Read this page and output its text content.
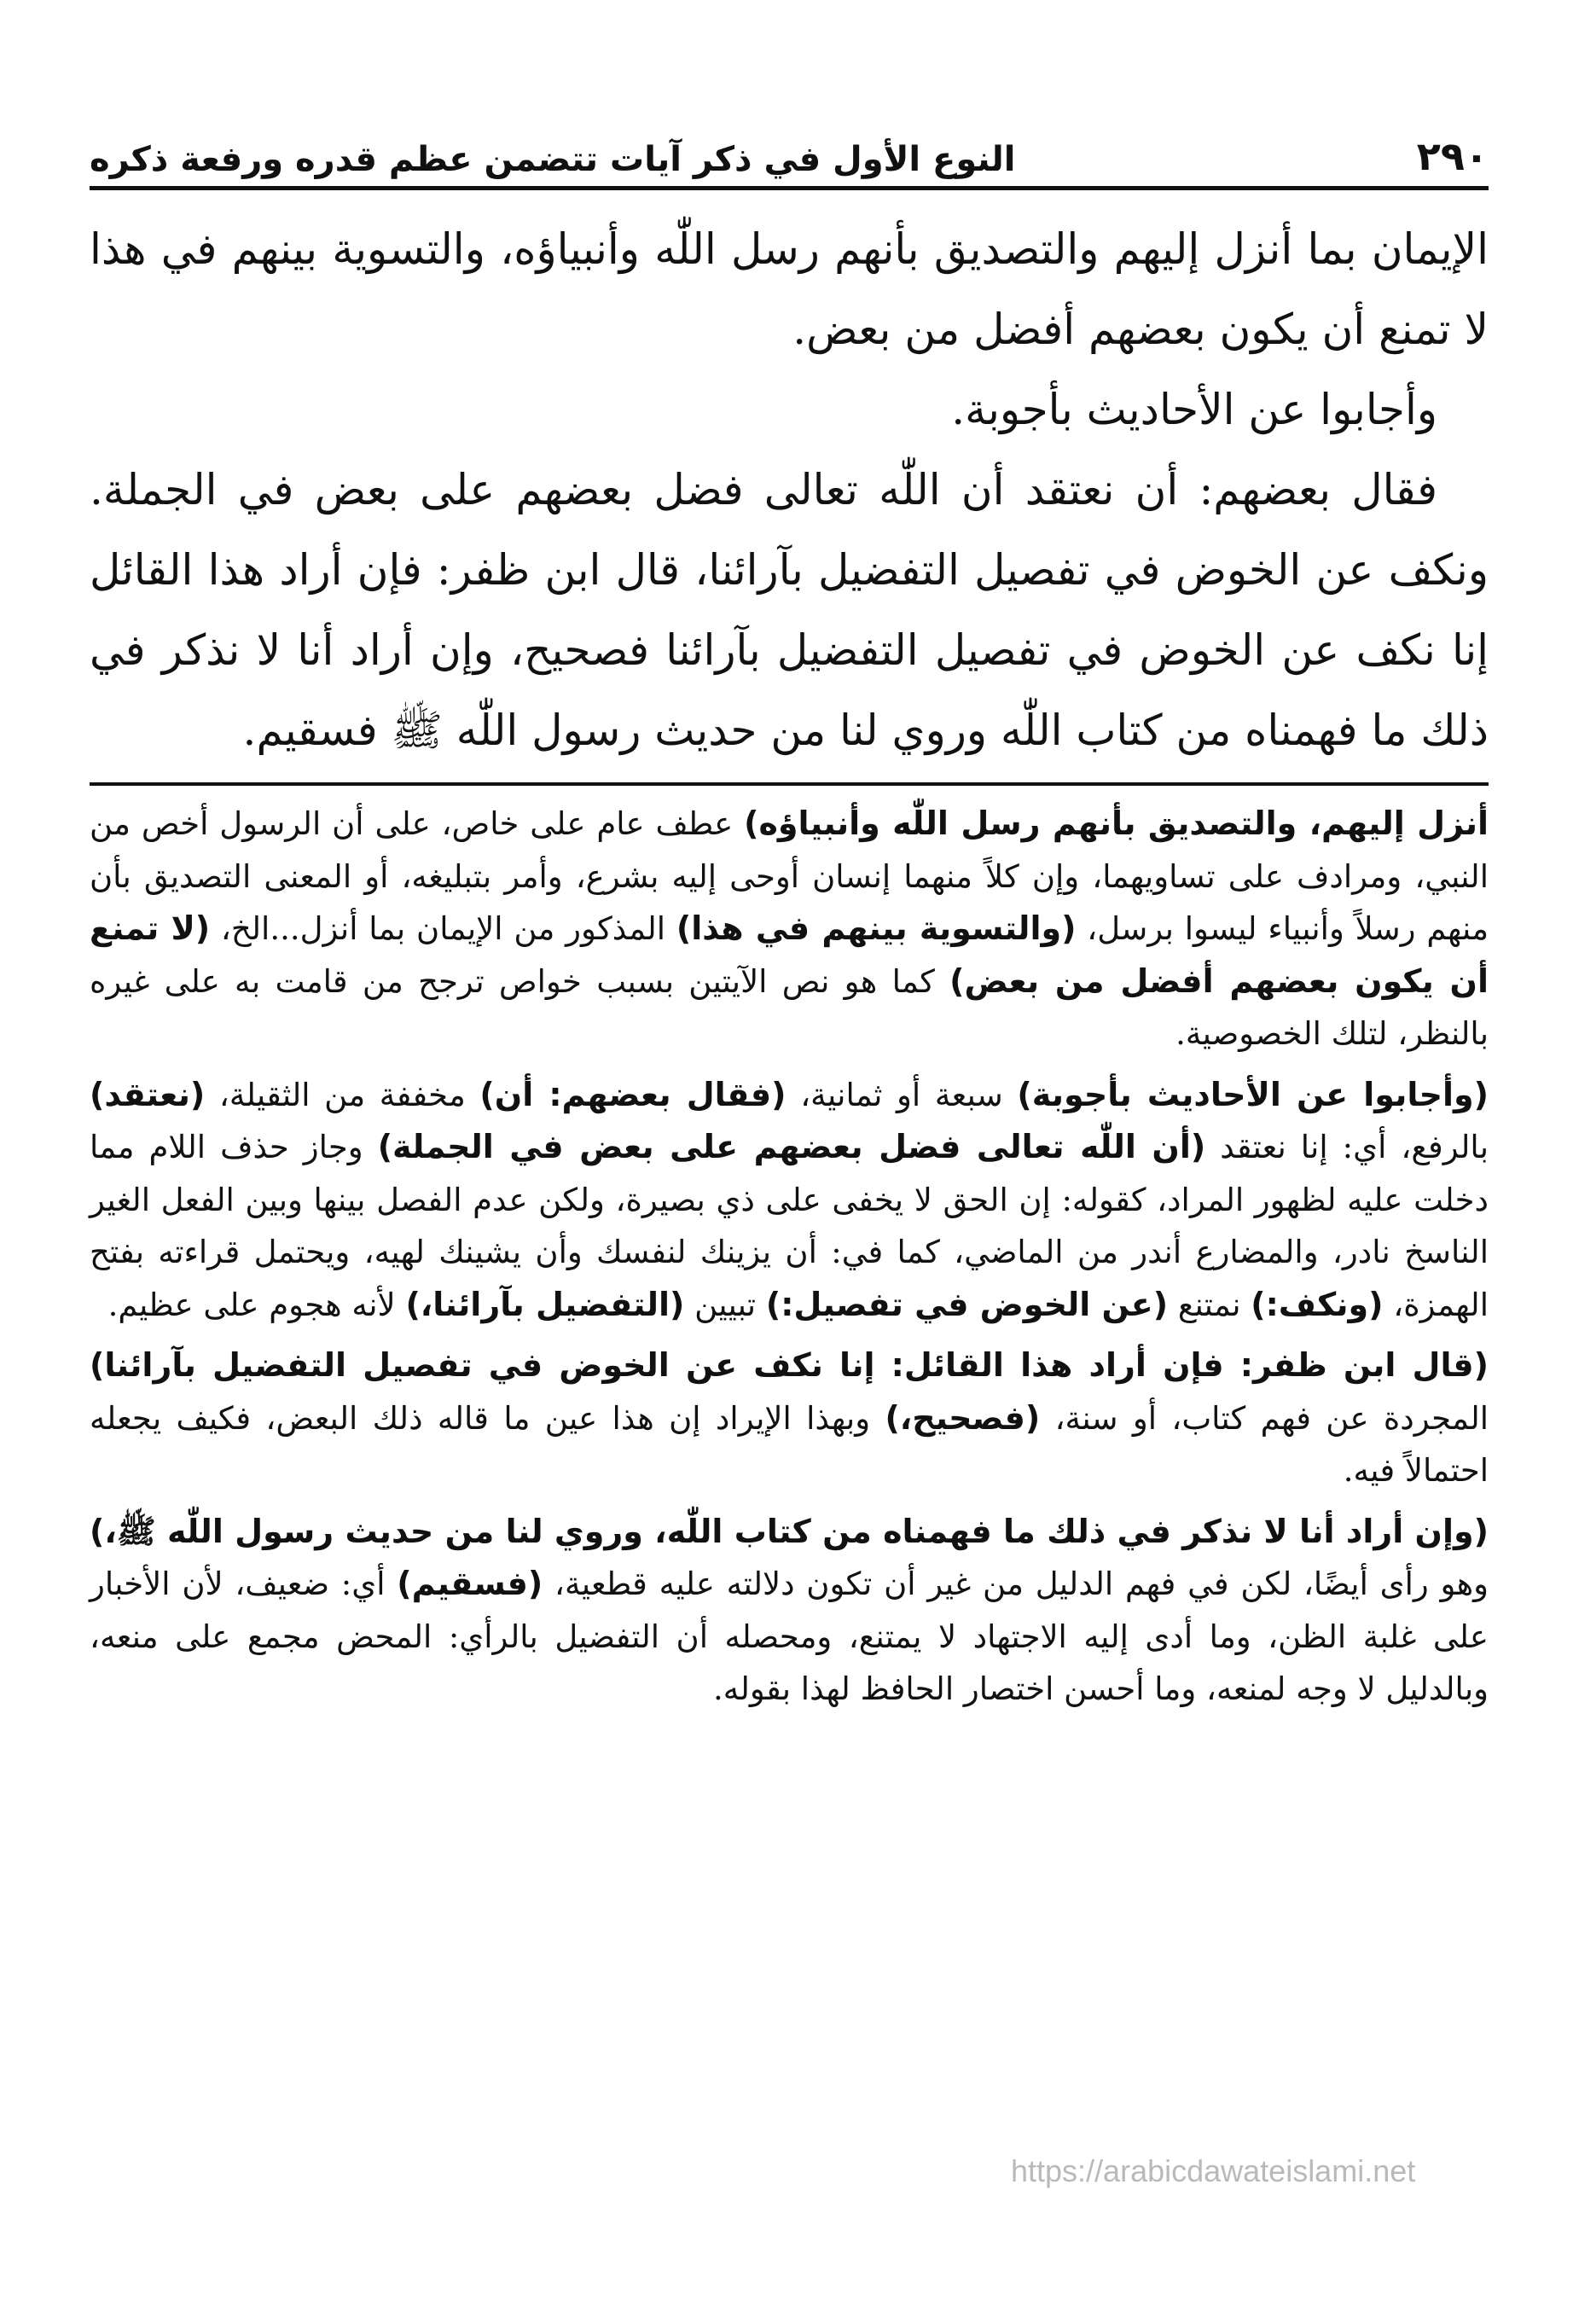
٢٩٠
النوع الأول في ذكر آيات تتضمن عظم قدره ورفعة ذكره

الإيمان بما أنزل إليهم والتصديق بأنهم رسل اللّٰه وأنبياؤه، والتسوية بينهم في هذا لا تمنع أن يكون بعضهم أفضل من بعض.

وأجابوا عن الأحاديث بأجوبة.

فقال بعضهم: أن نعتقد أن اللّٰه تعالى فضل بعضهم على بعض في الجملة. ونكف عن الخوض في تفصيل التفضيل بآرائنا، قال ابن ظفر: فإن أراد هذا القائل إنا نكف عن الخوض في تفصيل التفضيل بآرائنا فصحيح، وإن أراد أنا لا نذكر في ذلك ما فهمناه من كتاب اللّٰه وروي لنا من حديث رسول اللّٰه ﷺ فسقيم.

أنزل إليهم، والتصديق بأنهم رسل اللّٰه وأنبياؤه) عطف عام على خاص، على أن الرسول أخص من النبي، ومرادف على تساويهما، وإن كلاً منهما إنسان أوحى إليه بشرع، وأمر بتبليغه، أو المعنى التصديق بأن منهم رسلاً وأنبياء ليسوا برسل، (والتسوية بينهم في هذا) المذكور من الإيمان بما أنزل...الخ، (لا تمنع أن يكون بعضهم أفضل من بعض) كما هو نص الآيتين بسبب خواص ترجح من قامت به على غيره بالنظر، لتلك الخصوصية.

(وأجابوا عن الأحاديث بأجوبة) سبعة أو ثمانية، (فقال بعضهم: أن) مخففة من الثقيلة، (نعتقد) بالرفع، أي: إنا نعتقد (أن اللّٰه تعالى فضل بعضهم على بعض في الجملة) وجاز حذف اللام مما دخلت عليه لظهور المراد، كقوله: إن الحق لا يخفى على ذي بصيرة، ولكن عدم الفصل بينها وبين الفعل الغير الناسخ نادر، والمضارع أندر من الماضي، كما في: أن يزينك لنفسك وأن يشينك لهيه، ويحتمل قراءته بفتح الهمزة، (ونكف:) نمتنع (عن الخوض في تفصيل:) تبيين (التفضيل بآرائنا،) لأنه هجوم على عظيم.

(قال ابن ظفر: فإن أراد هذا القائل: إنا نكف عن الخوض في تفصيل التفضيل بآرائنا) المجردة عن فهم كتاب، أو سنة، (فصحيح،) وبهذا الإيراد إن هذا عين ما قاله ذلك البعض، فكيف يجعله احتمالاً فيه.

(وإن أراد أنا لا نذكر في ذلك ما فهمناه من كتاب اللّٰه، وروي لنا من حديث رسول اللّٰه ﷺ،) وهو رأى أيضًا، لكن في فهم الدليل من غير أن تكون دلالته عليه قطعية، (فسقيم) أي: ضعيف، لأن الأخبار على غلبة الظن، وما أدى إليه الاجتهاد لا يمتنع، ومحصله أن التفضيل بالرأي: المحض مجمع على منعه، وبالدليل لا وجه لمنعه، وما أحسن اختصار الحافظ لهذا بقوله.

https://arabicdawateislami.net
